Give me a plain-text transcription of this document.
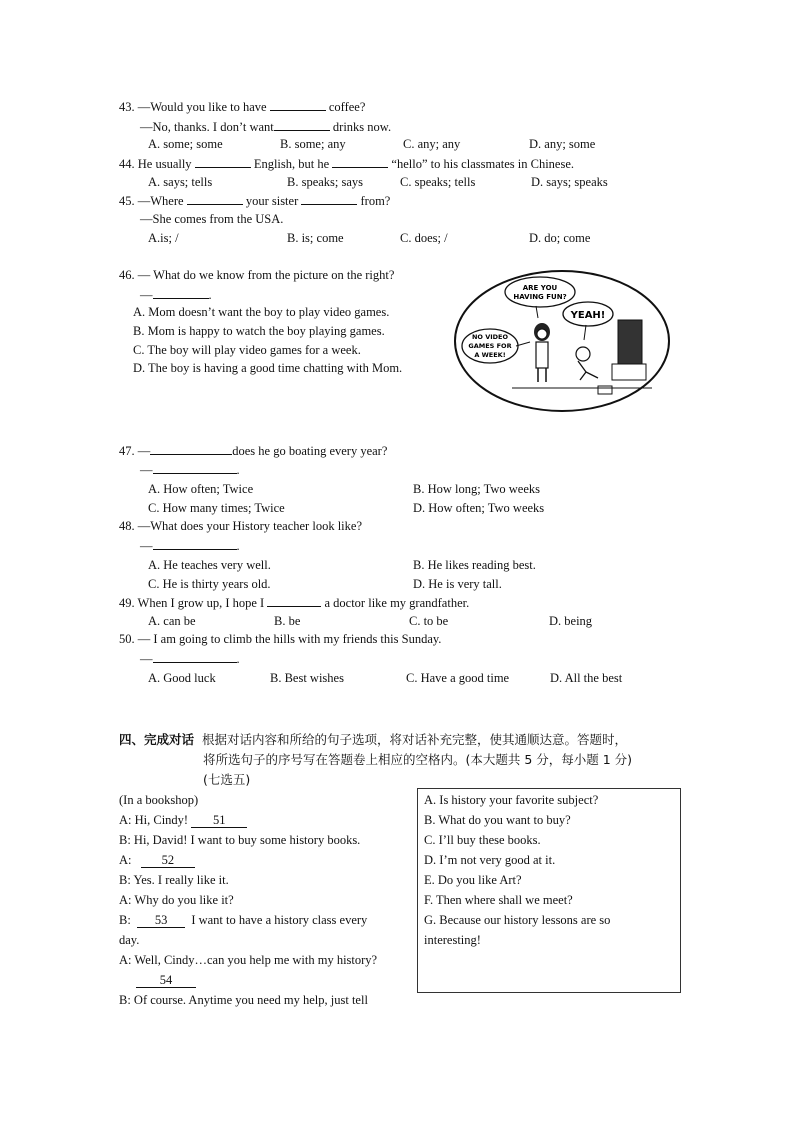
43. —Would you like to have	coffee?
—No, thanks. I don’t want	drinks now.
A. some; some	B. some; any	C. any; any	D. any; some
44. He usually	English, but he	“hello” to his classmates in Chinese.
A. says; tells	B. speaks; says	C. speaks; tells	D. says; speaks
45. —Where	your sister	from?
—She comes from the USA.
A.is; /	B. is; come	C. does; /	D. do; come
46. — What do we know from the picture on the right?
—	.
A. Mom doesn’t want the boy to play video games.
B. Mom is happy to watch the boy playing games.
C. The boy will play video games for a week.
D. The boy is having a good time chatting with Mom.
ARE YOU
HAVING FUN?
YEAH!
NO VIDEO
GAMES FOR
A WEEK!
47. —	does he go boating every year?
—	.
A. How often; Twice	B. How long; Two weeks
C. How many times; Twice	D. How often; Two weeks
48. —What does your History teacher look like?
—	.
A. He teaches very well.	B. He likes reading best.
C. He is thirty years old.	D. He is very tall.
49. When I grow up, I hope I	a doctor like my grandfather.
A. can be	B. be	C. to be	D. being
50. — I am going to climb the hills with my friends this Sunday.
—	.
A. Good luck	B. Best wishes	C. Have a good time	D. All the best
四、完成对话 根据对话内容和所给的句子选项，将对话补充完整，使其通顺达意。答题时，
将所选句子的序号写在答题卷上相应的空格内。(本大题共 5 分，每小题 1 分)
(七选五)
(In a bookshop)
A: Hi, Cindy! 51
B: Hi, David! I want to buy some history books.
A: 52
B: Yes. I really like it.
A: Why do you like it?
B: 53 I want to have a history class every
day.
A: Well, Cindy…can you help me with my history?
54
B: Of course. Anytime you need my help, just tell
A. Is history your favorite subject?
B. What do you want to buy?
C. I’ll buy these books.
D. I’m not very good at it.
E. Do you like Art?
F. Then where shall we meet?
G. Because our history lessons are so
interesting!
